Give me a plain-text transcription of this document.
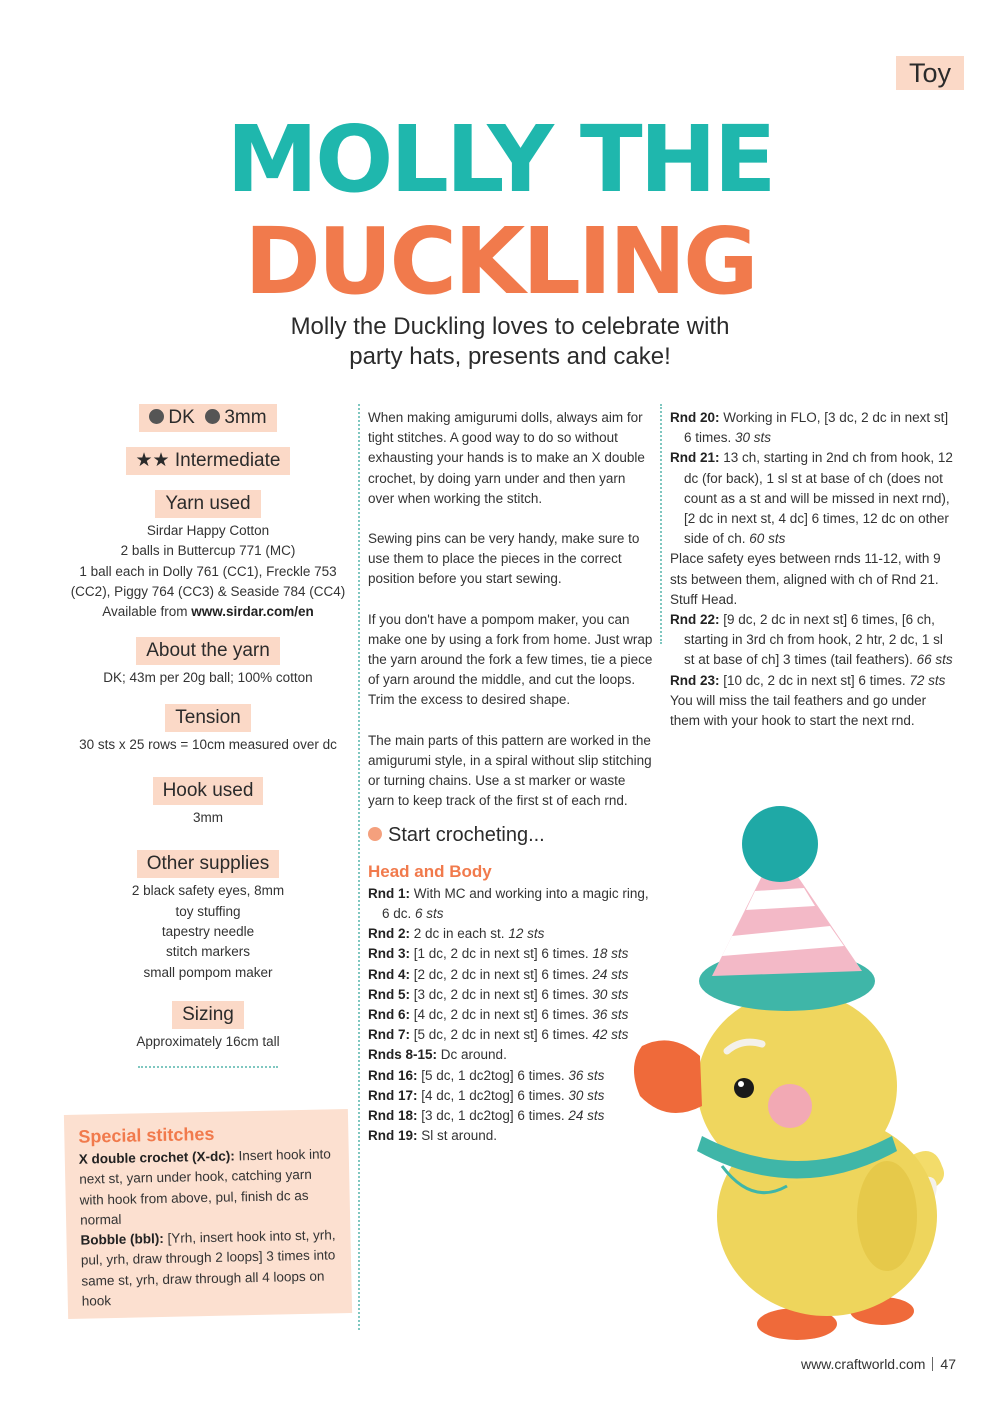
Toy
MOLLY THE
DUCKLING
Molly the Duckling loves to celebrate with
party hats, presents and cake!
DK 3mm
★★ Intermediate
Yarn used
Sirdar Happy Cotton
2 balls in Buttercup 771 (MC)
1 ball each in Dolly 761 (CC1), Freckle 753
(CC2), Piggy 764 (CC3) & Seaside 784 (CC4)
Available from www.sirdar.com/en
About the yarn
DK; 43m per 20g ball; 100% cotton
Tension
30 sts x 25 rows = 10cm measured over dc
Hook used
3mm
Other supplies
2 black safety eyes, 8mm
toy stuffing
tapestry needle
stitch markers
small pompom maker
Sizing
Approximately 16cm tall
Special stitches

X double crochet (X-dc): Insert hook into next st, yarn under hook, catching yarn with hook from above, pul, finish dc as normal

Bobble (bbl): [Yrh, insert hook into st, yrh, pul, yrh, draw through 2 loops] 3 times into same st, yrh, draw through all 4 loops on hook

When making amigurumi dolls, always aim for tight stitches. A good way to do so without exhausting your hands is to make an X double crochet, by doing yarn under and then yarn over when working the stitch.

Sewing pins can be very handy, make sure to use them to place the pieces in the correct position before you start sewing.

If you don't have a pompom maker, you can make one by using a fork from home. Just wrap the yarn around the fork a few times, tie a piece of yarn around the middle, and cut the loops. Trim the excess to desired shape.

The main parts of this pattern are worked in the amigurumi style, in a spiral without slip stitching or turning chains. Use a st marker or waste yarn to keep track of the first st of each rnd.

Start crocheting...
Head and Body
Rnd 1: With MC and working into a magic ring, 6 dc. 6 sts
Rnd 2: 2 dc in each st. 12 sts
Rnd 3: [1 dc, 2 dc in next st] 6 times. 18 sts
Rnd 4: [2 dc, 2 dc in next st] 6 times. 24 sts
Rnd 5: [3 dc, 2 dc in next st] 6 times. 30 sts
Rnd 6: [4 dc, 2 dc in next st] 6 times. 36 sts
Rnd 7: [5 dc, 2 dc in next st] 6 times. 42 sts
Rnds 8-15: Dc around.
Rnd 16: [5 dc, 1 dc2tog] 6 times. 36 sts
Rnd 17: [4 dc, 1 dc2tog] 6 times. 30 sts
Rnd 18: [3 dc, 1 dc2tog] 6 times. 24 sts
Rnd 19: Sl st around.
Rnd 20: Working in FLO, [3 dc, 2 dc in next st] 6 times. 30 sts
Rnd 21: 13 ch, starting in 2nd ch from hook, 12 dc (for back), 1 sl st at base of ch (does not count as a st and will be missed in next rnd), [2 dc in next st, 4 dc] 6 times, 12 dc on other side of ch. 60 sts
Place safety eyes between rnds 11-12, with 9 sts between them, aligned with ch of Rnd 21.
Stuff Head.
Rnd 22: [9 dc, 2 dc in next st] 6 times, [6 ch, starting in 3rd ch from hook, 2 htr, 2 dc, 1 sl st at base of ch] 3 times (tail feathers). 66 sts
Rnd 23: [10 dc, 2 dc in next st] 6 times. 72 sts
You will miss the tail feathers and go under them with your hook to start the next rnd.
www.craftworld.com 47
